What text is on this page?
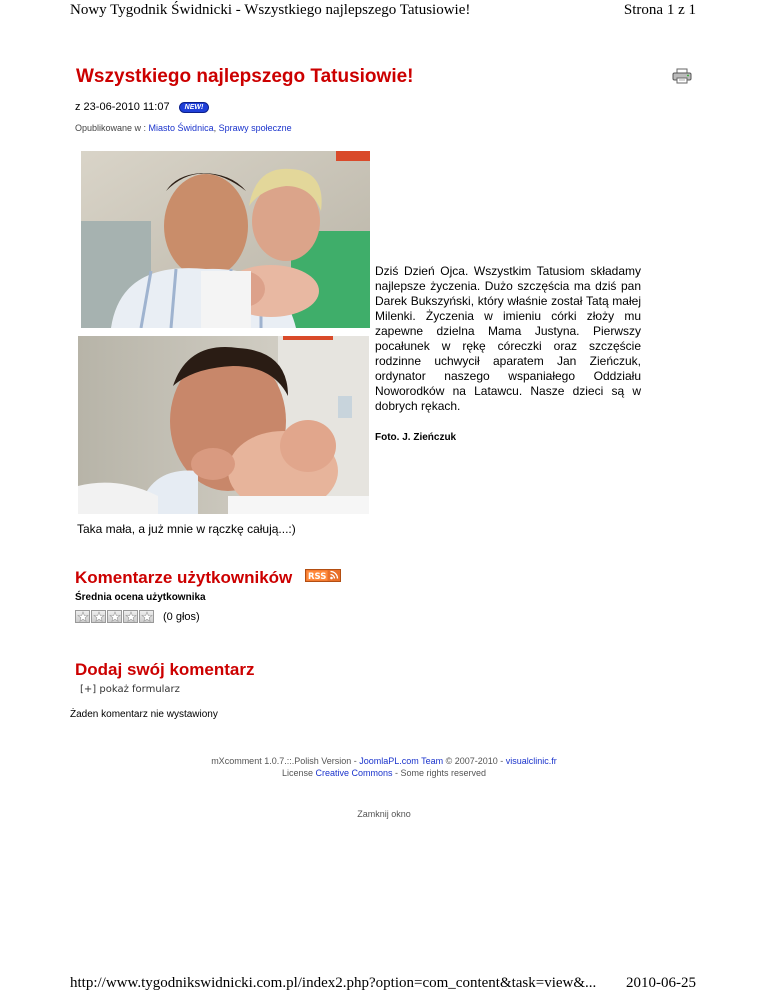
Nowy Tygodnik Świdnicki - Wszystkiego najlepszego Tatusiowie!	Strona 1 z 1
Wszystkiego najlepszego Tatusiowie!
z 23-06-2010 11:07 NEW!
Opublikowane w : Miasto Świdnica, Sprawy społeczne

Dziś Dzień Ojca. Wszystkim Tatusiom składamy najlepsze życzenia. Dużo szczęścia ma dziś pan Darek Bukszyński, który właśnie został Tatą małej Milenki. Życzenia w imieniu córki złoży mu zapewne dzielna Mama Justyna. Pierwszy pocałunek w rękę córeczki oraz szczęście rodzinne uchwycił aparatem Jan Zieńczuk, ordynator naszego wspaniałego Oddziału Noworodków na Latawcu. Nasze dzieci są w dobrych rękach.

Foto. J. Zieńczuk
Taka mała, a już mnie w rączkę całują...:)
Komentarze użytkowników RSS
Średnia ocena użytkownika
(0 głos)
Dodaj swój komentarz
[+] pokaż formularz
Żaden komentarz nie wystawiony
mXcomment 1.0.7.::.Polish Version - JoomlaPL.com Team © 2007-2010 - visualclinic.fr
License Creative Commons - Some rights reserved
Zamknij okno
http://www.tygodnikswidnicki.com.pl/index2.php?option=com_content&task=view&... 2010-06-25
